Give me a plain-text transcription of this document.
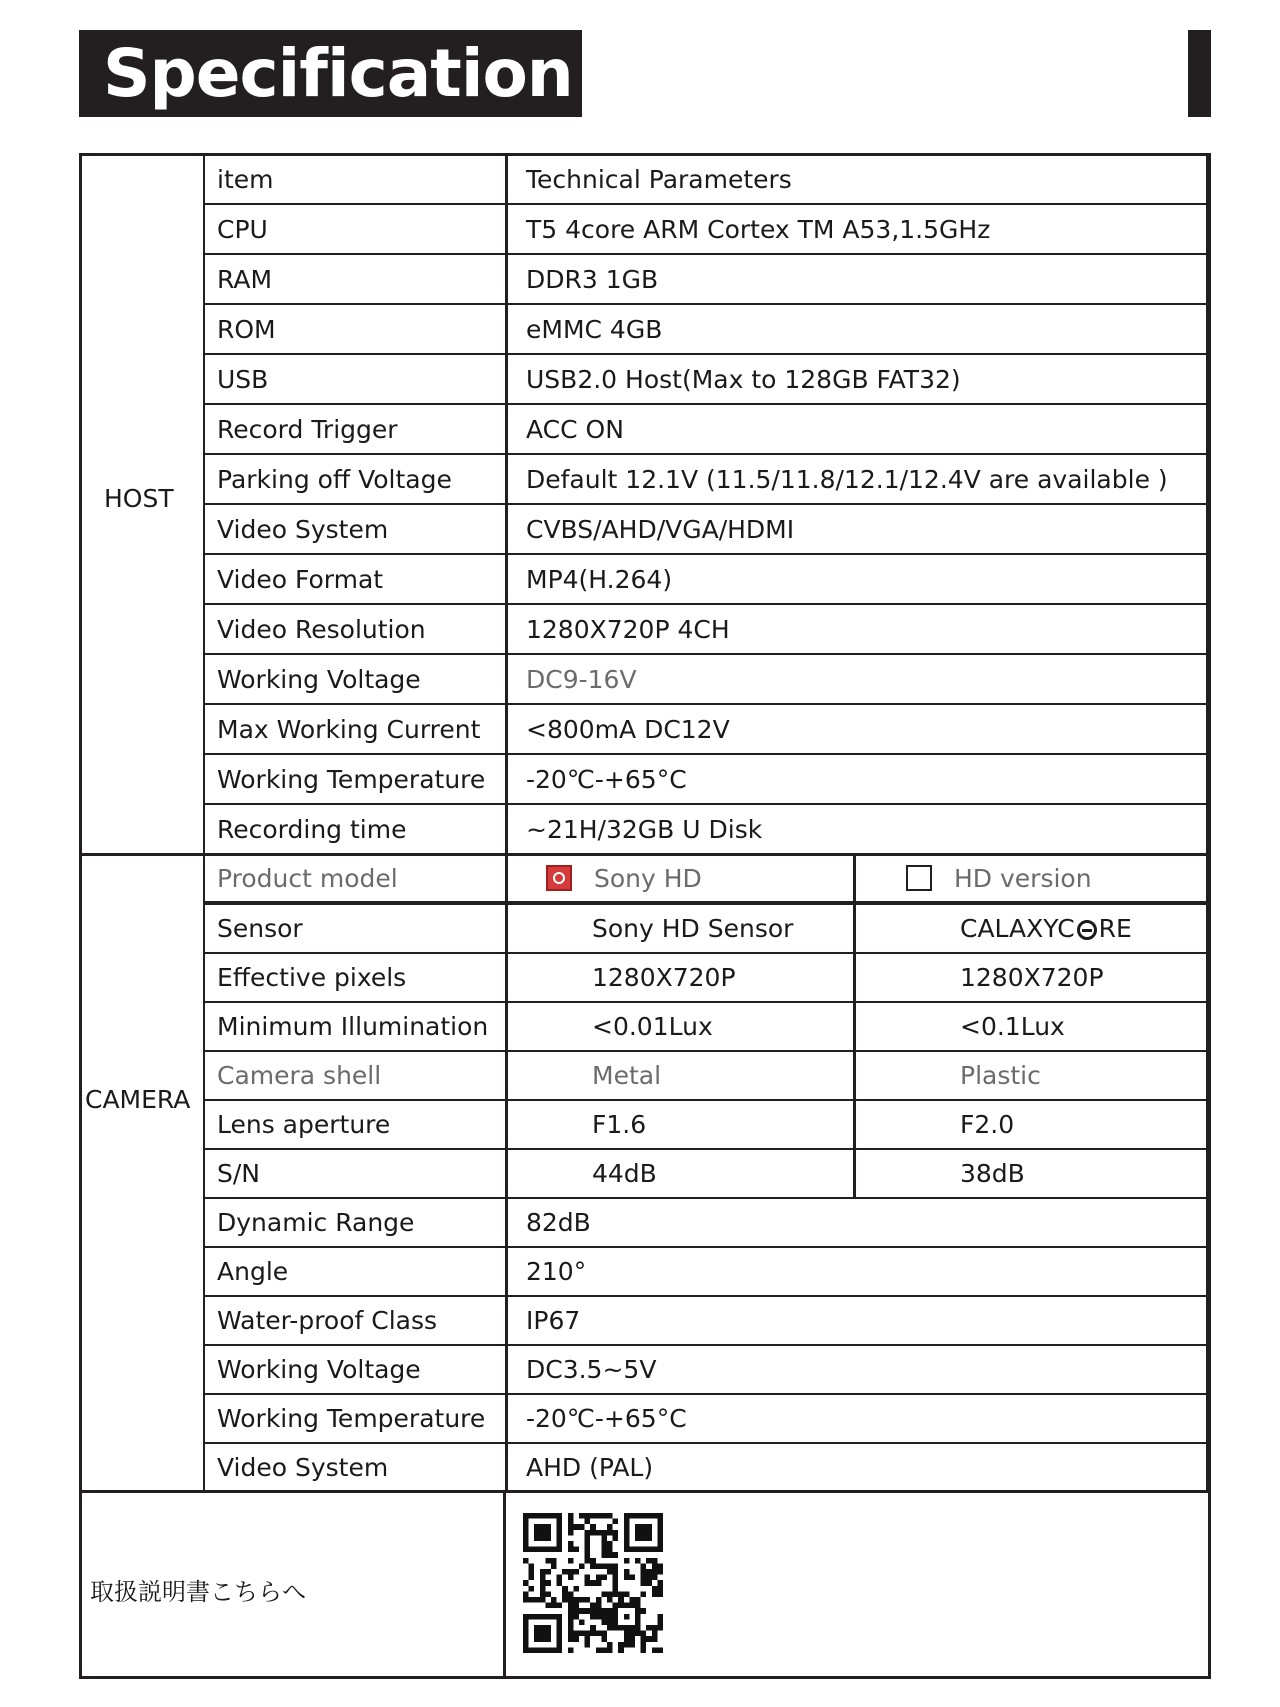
Specification
HOST
CAMERA
item	Technical Parameters
CPU	T5 4core ARM Cortex TM A53,1.5GHz
RAM	DDR3 1GB
ROM	eMMC 4GB
USB	USB2.0 Host(Max to 128GB FAT32)
Record Trigger	ACC ON
Parking off Voltage	Default 12.1V (11.5/11.8/12.1/12.4V are available )
Video System	CVBS/AHD/VGA/HDMI
Video Format	MP4(H.264)
Video Resolution	1280X720P 4CH
Working Voltage	DC9-16V
Max Working Current	<800mA DC12V
Working Temperature	-20℃-+65°C
Recording time	~21H/32GB U Disk
Product model	Sony HD	HD version
Sensor	Sony HD Sensor	CALAXYC RE
Effective pixels	1280X720P	1280X720P
Minimum Illumination	<0.01Lux	<0.1Lux
Camera shell	Metal	Plastic
Lens aperture	F1.6	F2.0
S/N	44dB	38dB
Dynamic Range	82dB
Angle	210°
Water-proof Class	IP67
Working Voltage	DC3.5~5V
Working Temperature	-20℃-+65°C
Video System	AHD (PAL)
取扱説明書こちらへ
